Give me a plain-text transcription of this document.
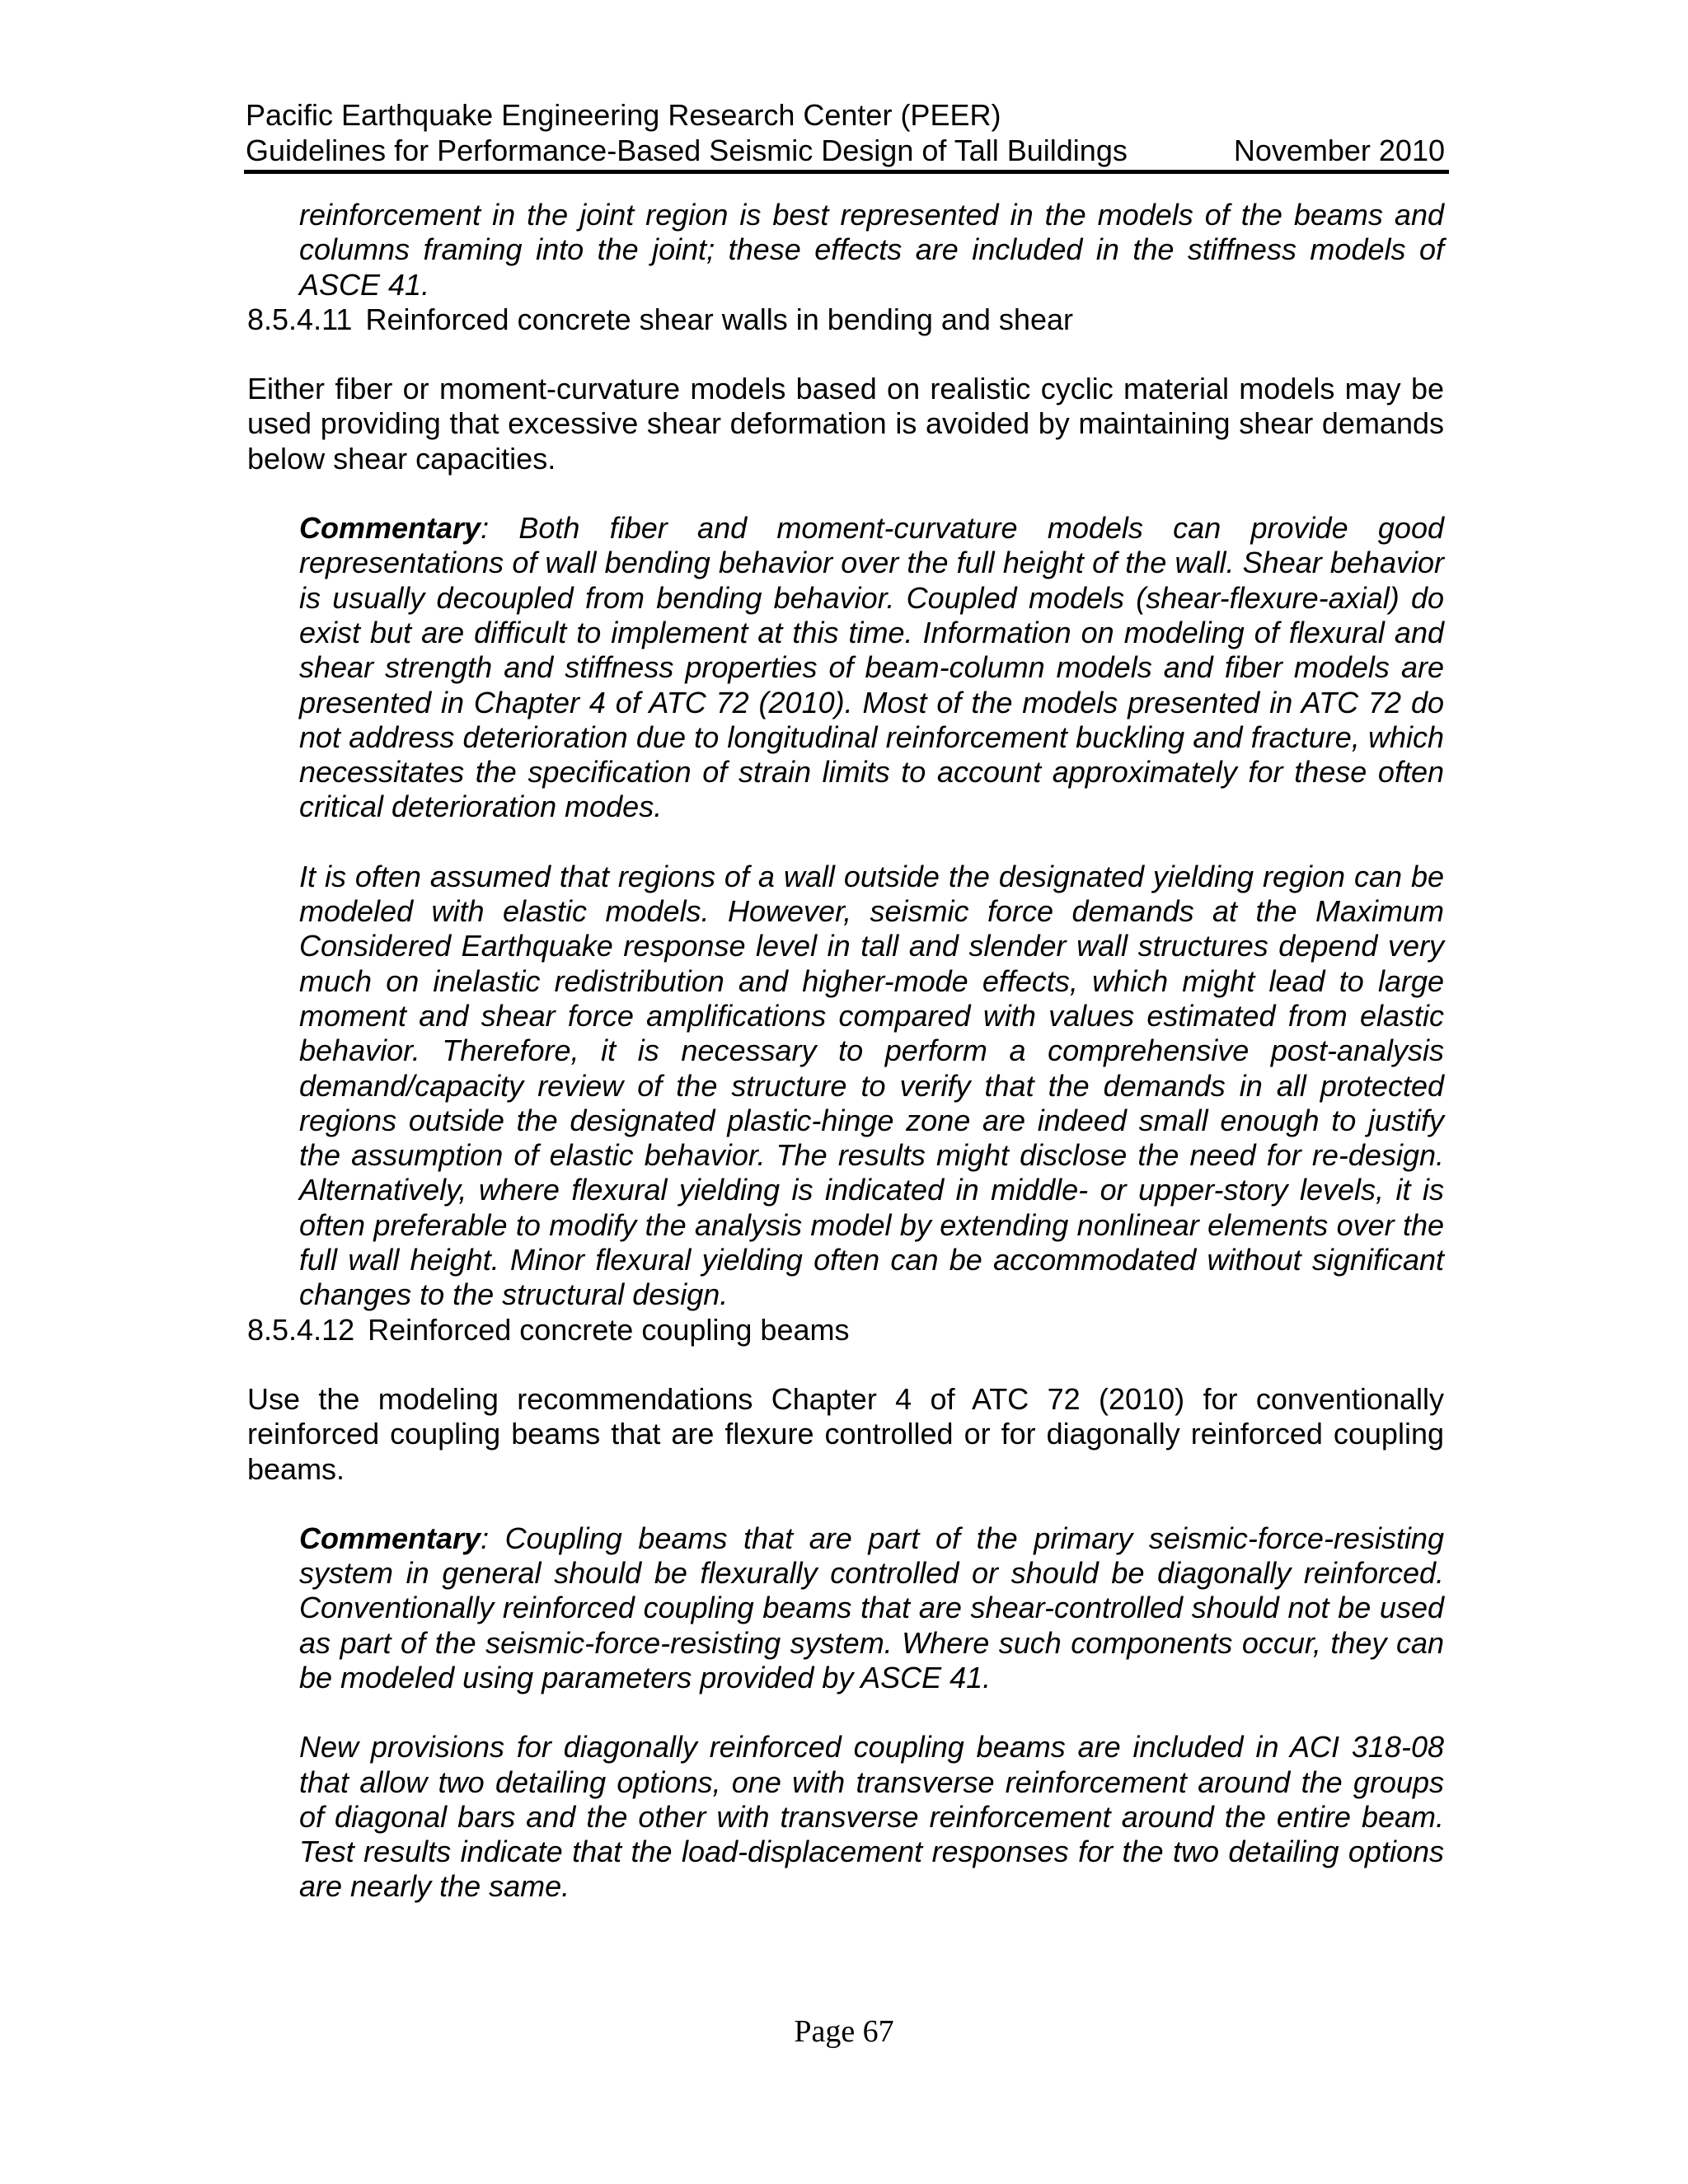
Pacific Earthquake Engineering Research Center (PEER)
Guidelines for Performance-Based Seismic Design of Tall Buildings	November 2010

reinforcement in the joint region is best represented in the models of the beams and columns framing into the joint; these effects are included in the stiffness models of ASCE 41.

8.5.4.11 Reinforced concrete shear walls in bending and shear

Either fiber or moment-curvature models based on realistic cyclic material models may be used providing that excessive shear deformation is avoided by maintaining shear demands below shear capacities.

Commentary: Both fiber and moment-curvature models can provide good representations of wall bending behavior over the full height of the wall. Shear behavior is usually decoupled from bending behavior. Coupled models (shear-flexure-axial) do exist but are difficult to implement at this time. Information on modeling of flexural and shear strength and stiffness properties of beam-column models and fiber models are presented in Chapter 4 of ATC 72 (2010). Most of the models presented in ATC 72 do not address deterioration due to longitudinal reinforcement buckling and fracture, which necessitates the specification of strain limits to account approximately for these often critical deterioration modes.

It is often assumed that regions of a wall outside the designated yielding region can be modeled with elastic models. However, seismic force demands at the Maximum Considered Earthquake response level in tall and slender wall structures depend very much on inelastic redistribution and higher-mode effects, which might lead to large moment and shear force amplifications compared with values estimated from elastic behavior. Therefore, it is necessary to perform a comprehensive post-analysis demand/capacity review of the structure to verify that the demands in all protected regions outside the designated plastic-hinge zone are indeed small enough to justify the assumption of elastic behavior. The results might disclose the need for re-design. Alternatively, where flexural yielding is indicated in middle- or upper-story levels, it is often preferable to modify the analysis model by extending nonlinear elements over the full wall height. Minor flexural yielding often can be accommodated without significant changes to the structural design.

8.5.4.12 Reinforced concrete coupling beams

Use the modeling recommendations Chapter 4 of ATC 72 (2010) for conventionally reinforced coupling beams that are flexure controlled or for diagonally reinforced coupling beams.

Commentary: Coupling beams that are part of the primary seismic-force-resisting system in general should be flexurally controlled or should be diagonally reinforced. Conventionally reinforced coupling beams that are shear-controlled should not be used as part of the seismic-force-resisting system. Where such components occur, they can be modeled using parameters provided by ASCE 41.

New provisions for diagonally reinforced coupling beams are included in ACI 318-08 that allow two detailing options, one with transverse reinforcement around the groups of diagonal bars and the other with transverse reinforcement around the entire beam. Test results indicate that the load-displacement responses for the two detailing options are nearly the same.

Page 67
